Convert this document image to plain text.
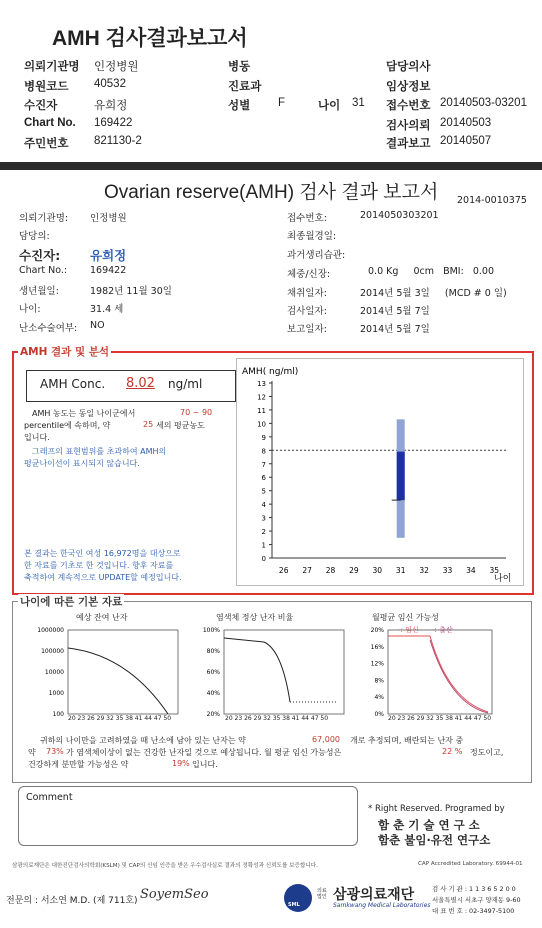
AMH 검사결과보고서
의뢰기관명 인정병원	병동	담당의사
병원코드 40532	진료과	임상정보
수진자	유희정	성별 F	나이 31 접수번호 20140503-03201
Chart No. 169422	검사의뢰 20140503
주민번호 821130-2	결과보고 20140507
Ovarian reserve(AMH) 검사 결과 보고서 2014-0010375
의뢰기관명: 인정병원
담당의:
수진자: 유희정
Chart No.: 169422
생년월일:	1982년 11월 30일
나이:	31.4 세
난소수술여부: NO
접수번호:	2014050303201
최종월경일:
과거생리습관:
체중/신장:	0.0 Kg     0cm   BMI:   0.00
채취일자:	2014년 5월 3일     (MCD # 0 일)
검사일자:	2014년 5월 7일
보고일자:	2014년 5월 7일
AMH 결과 및 분석
AMH Conc.	8.02	ng/ml
AMH 농도는 동일 나이군에서	70 ~ 90
percentile에 속하며, 약	25 세의 평균농도
입니다.
그래프의 표현범위를 초과하여 AMH의
평균나이선이 표시되지 않습니다.
본 결과는 한국인 여성 16,972명을 대상으로
한 자료를 기초로 한 것입니다. 향후 자료를
축적하여 계속적으로 UPDATE할 예정입니다.
AMH( ng/ml)
0
1
2
3
4
5
6
7
8
9
10
11
12
13
26 27 28 29 30 31 32 33 34 35
나이
나이에 따른 기본 자료
예상 잔여 난자	염색체 정상 난자 비율	월평균 임신 가능성
-: 임신 -: 출산
1000000
100000
10000
1000
100
100%
80%
60%
40%
20%
20%
16%
12%
8%
4%
0%
20 23 26 29 32 35 38 41 44 47 50	20 23 26 29 32 35 38 41 44 47 50	20 23 26 29 32 35 38 41 44 47 50
귀하의 나이만을 고려하였을 때 난소에 남아 있는 난자는 약	67,000 개로 추정되며, 배란되는 난자 중
약 73% 가 염색체이상이 없는 건강한 난자일 것으로 예상됩니다. 월 평균 임신 가능성은	22 % 정도이고,
건강하게 분만할 가능성은 약	19% 입니다.
Comment
* Right Reserved. Programed by
함 춘 기 술 연 구 소
함춘 불임·유전 연구소
삼광의료재단은 대한진단검사의학회(KSLM) 및 CAP의 신임 인증을 받은 우수검사실로 결과의 정확성과 신뢰도를 보증합니다.	CAP Accredited Laboratory. 69944-01
전문의 : 서소연 M.D. (제 711호) SoyemSeo
SML
의료법인 삼광의료재단
Samkwang Medical Laboratories
검 사 기 관 : 1 1 3 6 5 2 0 0
서울특별시 서초구 양재동 9-60
대 표 번 호 : 02-3497-5100
